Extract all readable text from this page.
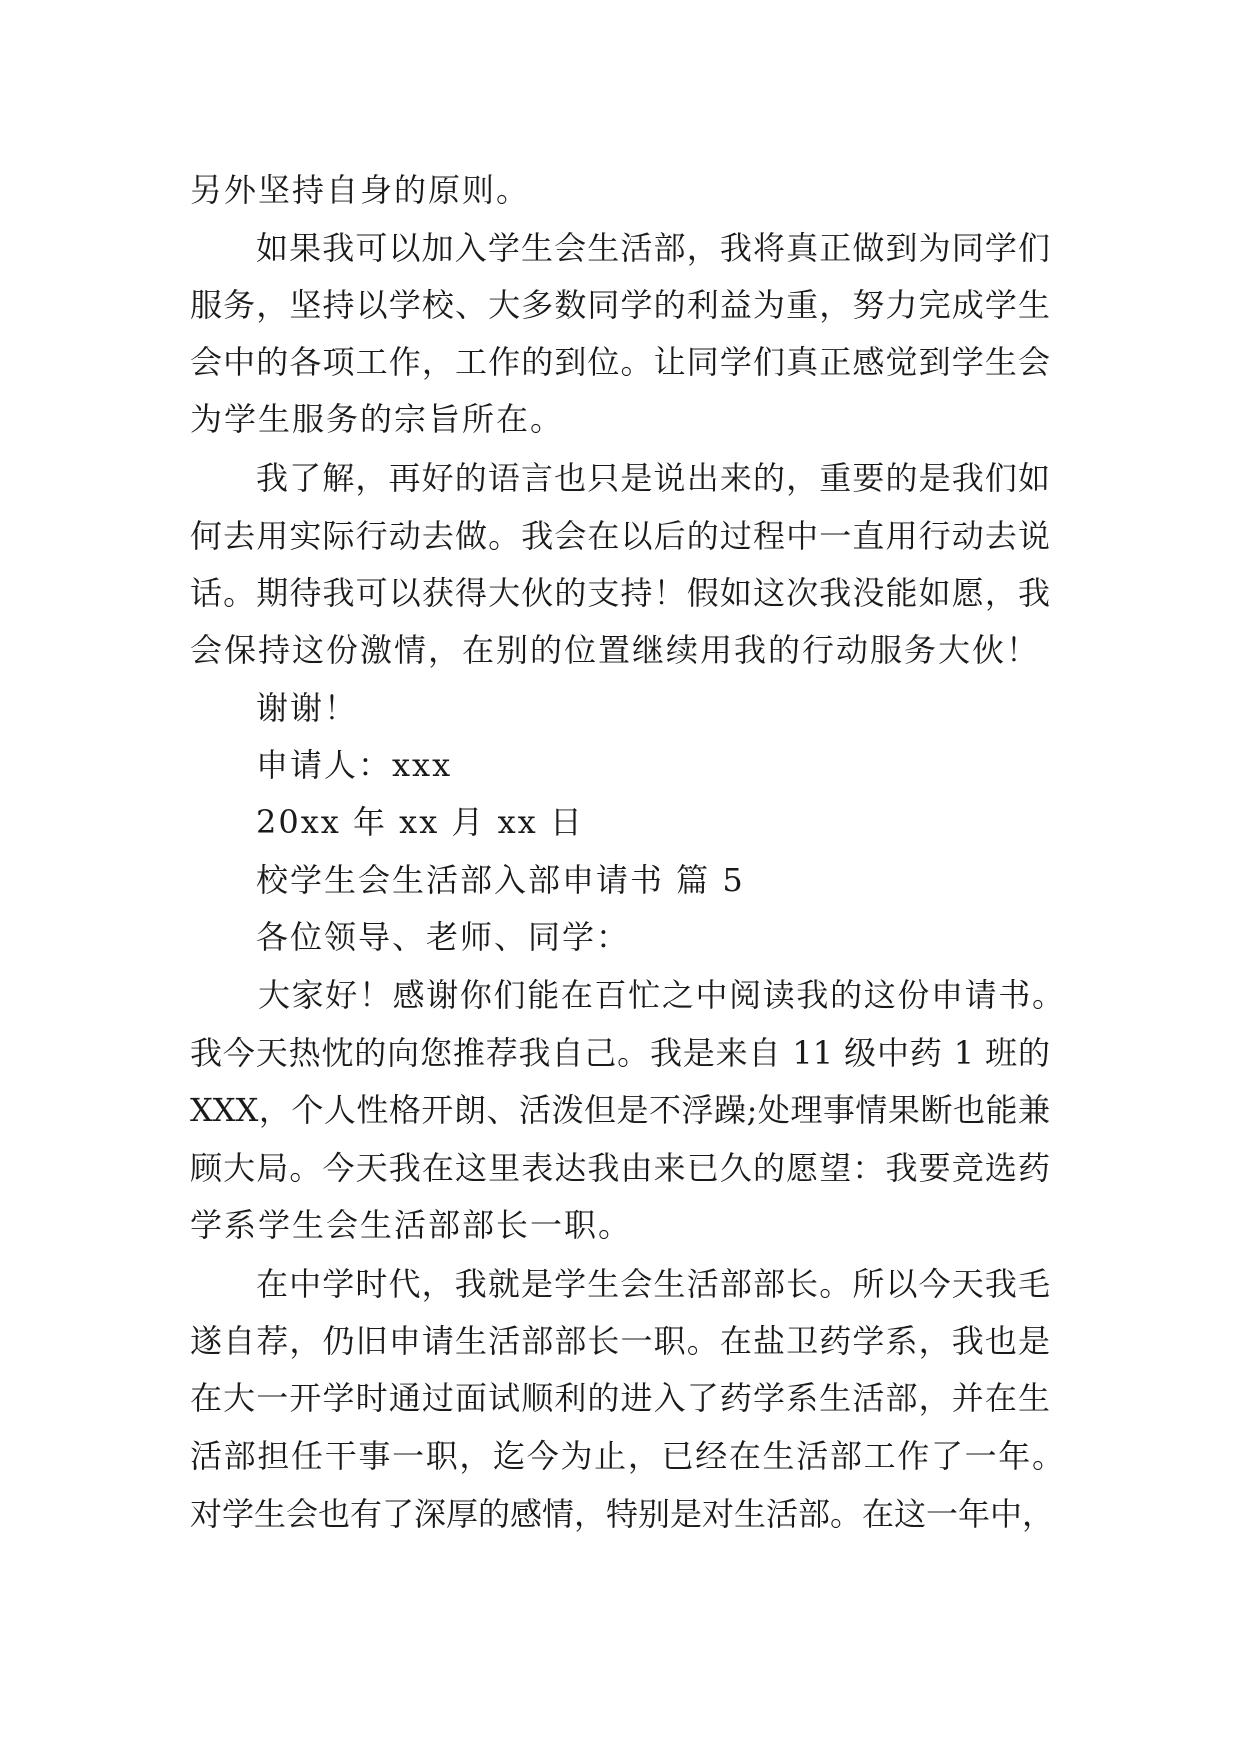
另外坚持自身的原则。
如果我可以加入学生会生活部，我将真正做到为同学们
服务，坚持以学校、大多数同学的利益为重，努力完成学生
会中的各项工作，工作的到位。让同学们真正感觉到学生会
为学生服务的宗旨所在。
我了解，再好的语言也只是说出来的，重要的是我们如
何去用实际行动去做。我会在以后的过程中一直用行动去说
话。期待我可以获得大伙的支持！假如这次我没能如愿，我
会保持这份激情，在别的位置继续用我的行动服务大伙！
谢谢！
申请人：xxx
20xx 年 xx 月 xx 日
校学生会生活部入部申请书 篇 5
各位领导、老师、同学：
大家好！感谢你们能在百忙之中阅读我的这份申请书。
我今天热忱的向您推荐我自己。我是来自 11 级中药 1 班的
XXX，个人性格开朗、活泼但是不浮躁;处理事情果断也能兼
顾大局。今天我在这里表达我由来已久的愿望：我要竞选药
学系学生会生活部部长一职。
在中学时代，我就是学生会生活部部长。所以今天我毛
遂自荐，仍旧申请生活部部长一职。在盐卫药学系，我也是
在大一开学时通过面试顺利的进入了药学系生活部，并在生
活部担任干事一职，迄今为止，已经在生活部工作了一年。
对学生会也有了深厚的感情，特别是对生活部。在这一年中，
